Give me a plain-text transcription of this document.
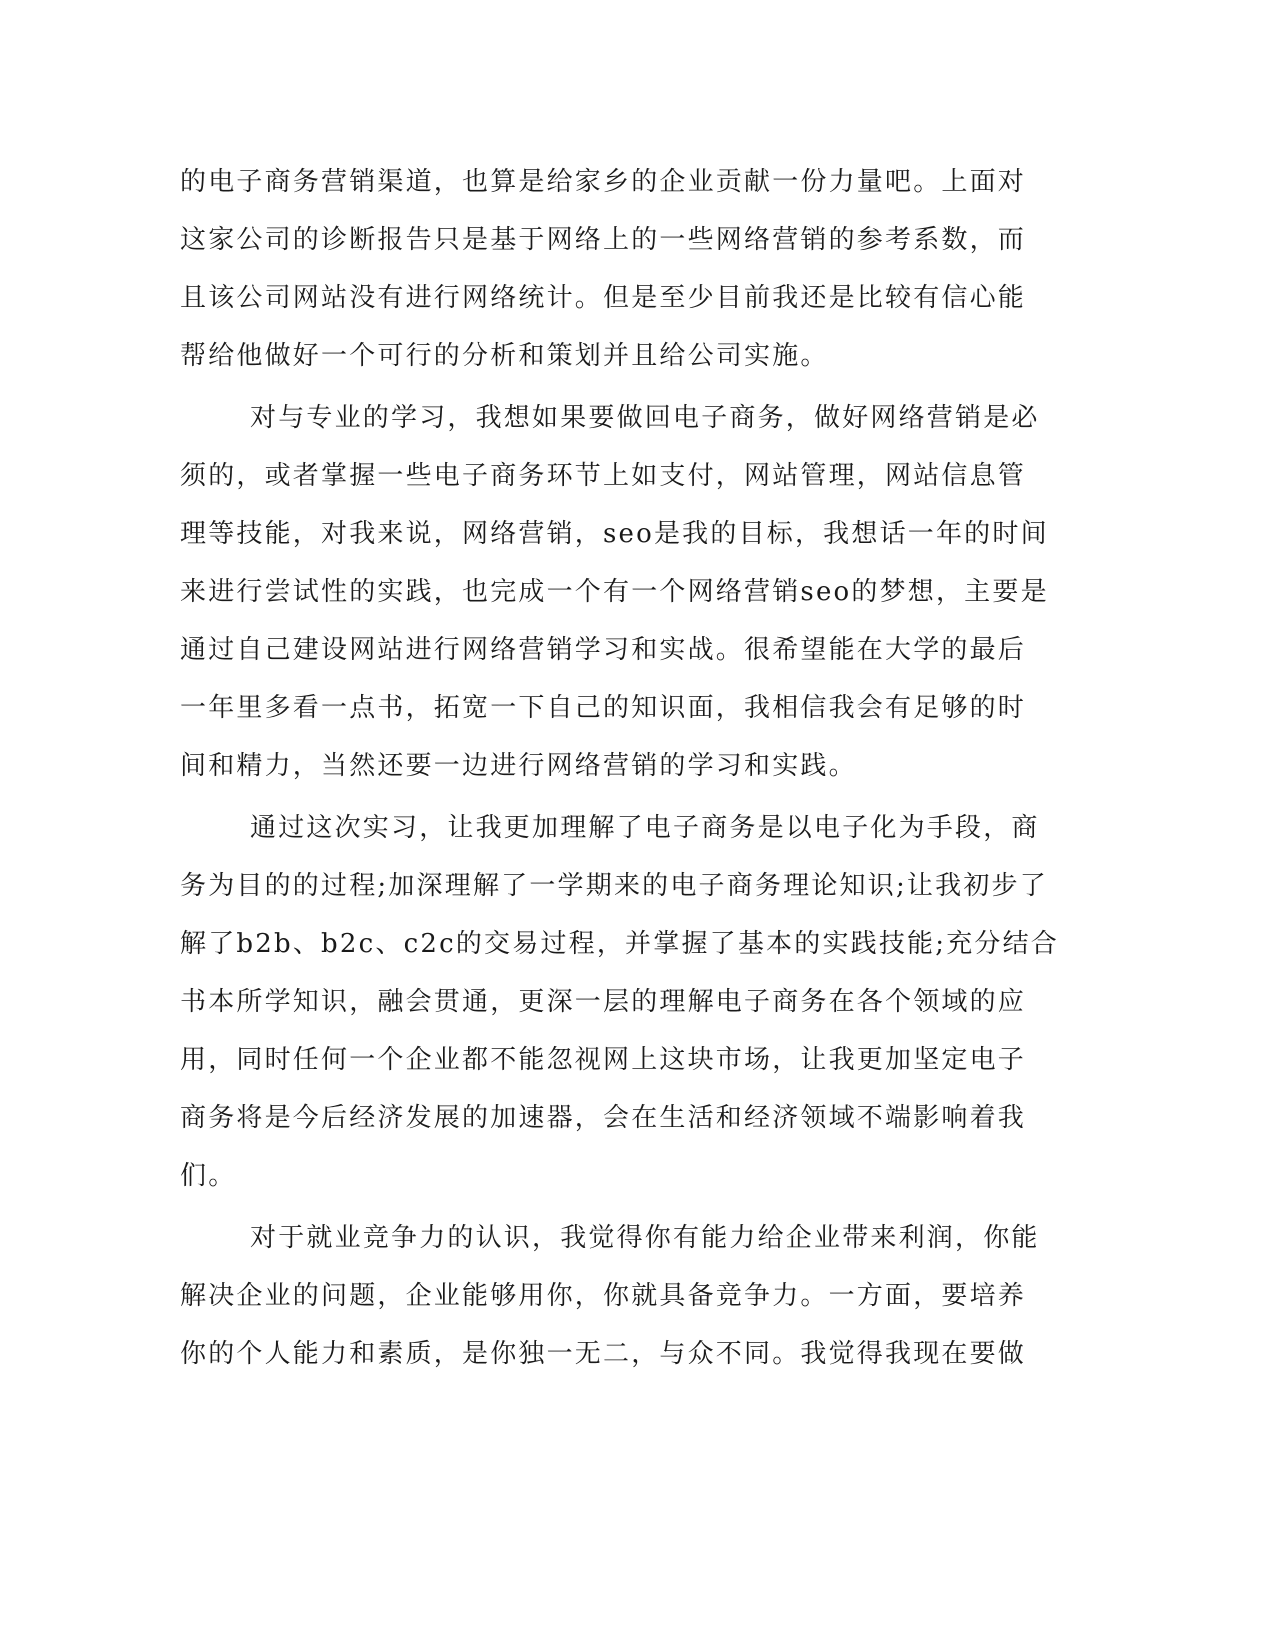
的电子商务营销渠道，也算是给家乡的企业贡献一份力量吧。上面对

这家公司的诊断报告只是基于网络上的一些网络营销的参考系数，而

且该公司网站没有进行网络统计。但是至少目前我还是比较有信心能

帮给他做好一个可行的分析和策划并且给公司实施。

对与专业的学习，我想如果要做回电子商务，做好网络营销是必

须的，或者掌握一些电子商务环节上如支付，网站管理，网站信息管

理等技能，对我来说，网络营销，seo是我的目标，我想话一年的时间

来进行尝试性的实践，也完成一个有一个网络营销seo的梦想，主要是

通过自己建设网站进行网络营销学习和实战。很希望能在大学的最后

一年里多看一点书，拓宽一下自己的知识面，我相信我会有足够的时

间和精力，当然还要一边进行网络营销的学习和实践。

通过这次实习，让我更加理解了电子商务是以电子化为手段，商

务为目的的过程;加深理解了一学期来的电子商务理论知识;让我初步了

解了b2b、b2c、c2c的交易过程，并掌握了基本的实践技能;充分结合

书本所学知识，融会贯通，更深一层的理解电子商务在各个领域的应

用，同时任何一个企业都不能忽视网上这块市场，让我更加坚定电子

商务将是今后经济发展的加速器，会在生活和经济领域不端影响着我

们。

对于就业竞争力的认识，我觉得你有能力给企业带来利润，你能

解决企业的问题，企业能够用你，你就具备竞争力。一方面，要培养

你的个人能力和素质，是你独一无二，与众不同。我觉得我现在要做
